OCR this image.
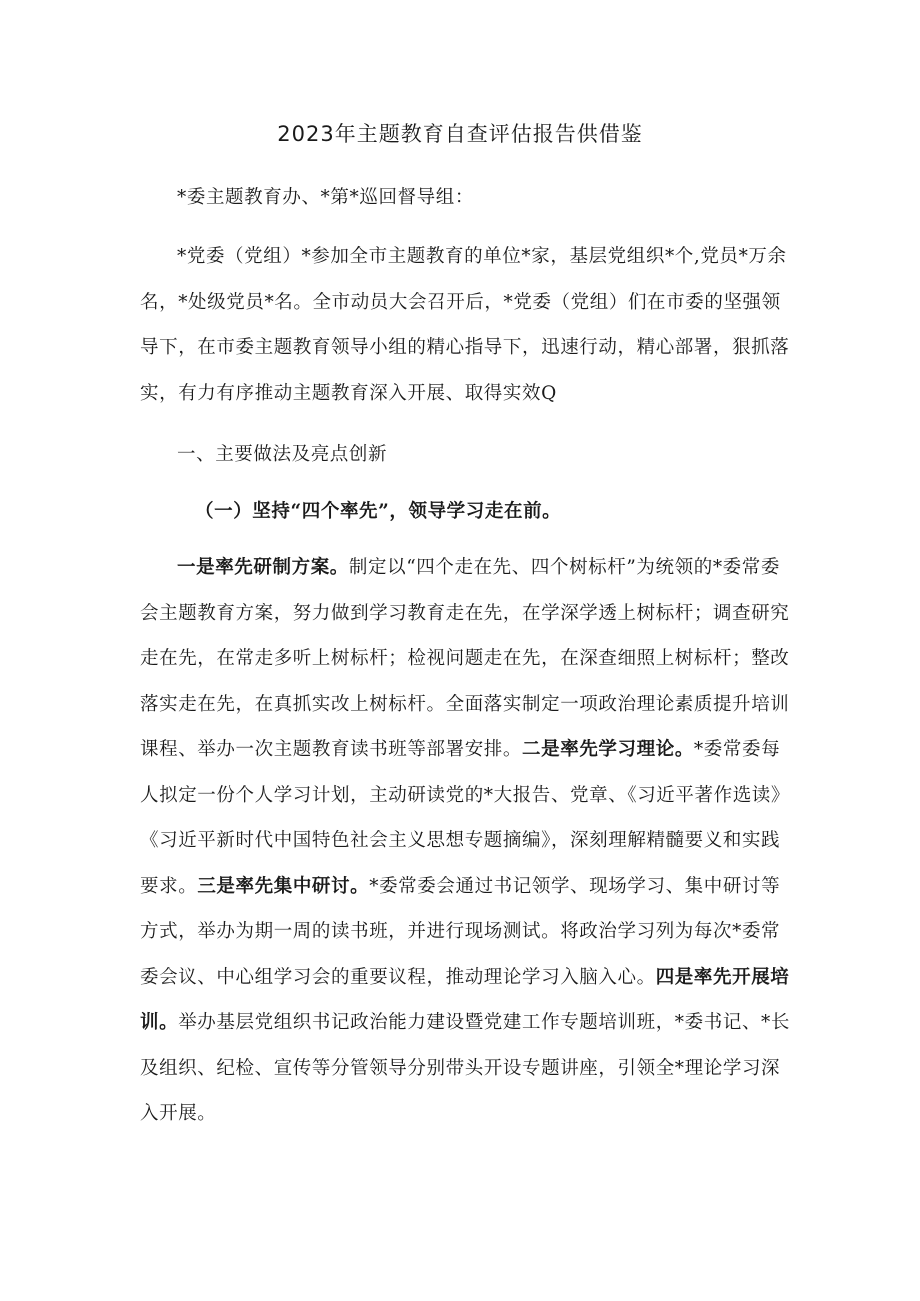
2023年主题教育自查评估报告供借鉴
*委主题教育办、*第*巡回督导组：
*党委（党组）*参加全市主题教育的单位*家，基层党组织*个,党员*万余名，*处级党员*名。全市动员大会召开后，*党委（党组）们在市委的坚强领导下，在市委主题教育领导小组的精心指导下，迅速行动，精心部署，狠抓落实，有力有序推动主题教育深入开展、取得实效Q
一、主要做法及亮点创新
（一）坚持“四个率先”，领导学习走在前。
一是率先研制方案。制定以“四个走在先、四个树标杆”为统领的*委常委会主题教育方案，努力做到学习教育走在先，在学深学透上树标杆；调查研究走在先，在常走多听上树标杆；检视问题走在先，在深查细照上树标杆；整改落实走在先，在真抓实改上树标杆。全面落实制定一项政治理论素质提升培训课程、举办一次主题教育读书班等部署安排。二是率先学习理论。*委常委每人拟定一份个人学习计划，主动研读党的*大报告、党章、《习近平著作选读》《习近平新时代中国特色社会主义思想专题摘编》，深刻理解精髓要义和实践要求。三是率先集中研讨。*委常委会通过书记领学、现场学习、集中研讨等方式，举办为期一周的读书班，并进行现场测试。将政治学习列为每次*委常委会议、中心组学习会的重要议程，推动理论学习入脑入心。四是率先开展培训。举办基层党组织书记政治能力建设暨党建工作专题培训班，*委书记、*长及组织、纪检、宣传等分管领导分别带头开设专题讲座，引领全*理论学习深入开展。
